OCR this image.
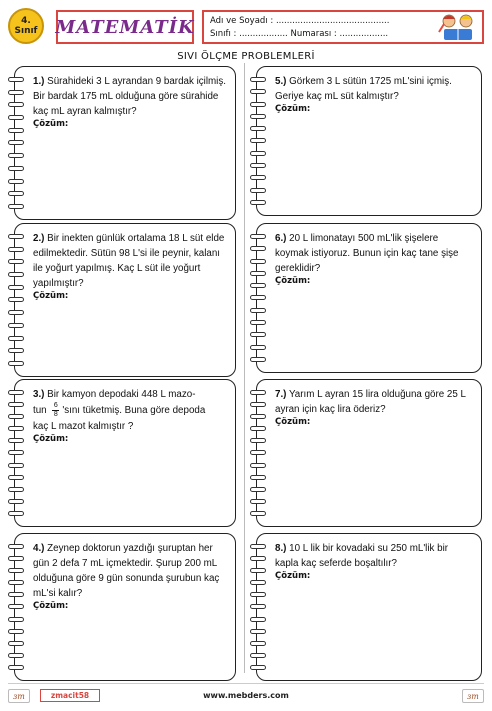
4.
Sınıf MATEMATİK Adı ve Soyadı : ..........................................
Sınıfı : .................. Numarası : ..................
SIVI ÖLÇME PROBLEMLERİ

1.) Sürahideki 3 L ayrandan 9 bardak içilmiş. Bir bardak 175 mL olduğuna göre sürahide kaç mL ayran kalmıştır?

Çözüm:

2.) Bir inekten günlük ortalama 18 L süt elde edilmektedir. Sütün 98 L'si ile peynir, kalanı ile yoğurt yapılmış. Kaç L süt ile yoğurt yapılmıştır?

Çözüm:

3.) Bir kamyon depodaki 448 L mazo-
tun $\frac{6}{8}$ 'sını tüketmiş. Buna göre depoda
kaç L mazot kalmıştır ?

Çözüm:

4.) Zeynep doktorun yazdığı şuruptan her gün 2 defa 7 mL içmektedir. Şurup 200 mL olduğuna göre 9 gün sonunda şurubun kaç mL'si kalır?

Çözüm:

5.) Görkem 3 L sütün 1725 mL'sini içmiş. Geriye kaç mL süt kalmıştır?

Çözüm:

6.) 20 L limonatayı 500 mL'lik şişelere koymak istiyoruz. Bunun için kaç tane şişe gereklidir?

Çözüm:

7.) Yarım L ayran 15 lira olduğuna göre 25 L ayran için kaç lira öderiz?

Çözüm:

8.) 10 L lik bir kovadaki su 250 mL'lik bir kapla kaç seferde boşaltılır?

Çözüm:
ɜm	zmacit58	www.mebders.com	ɜm
